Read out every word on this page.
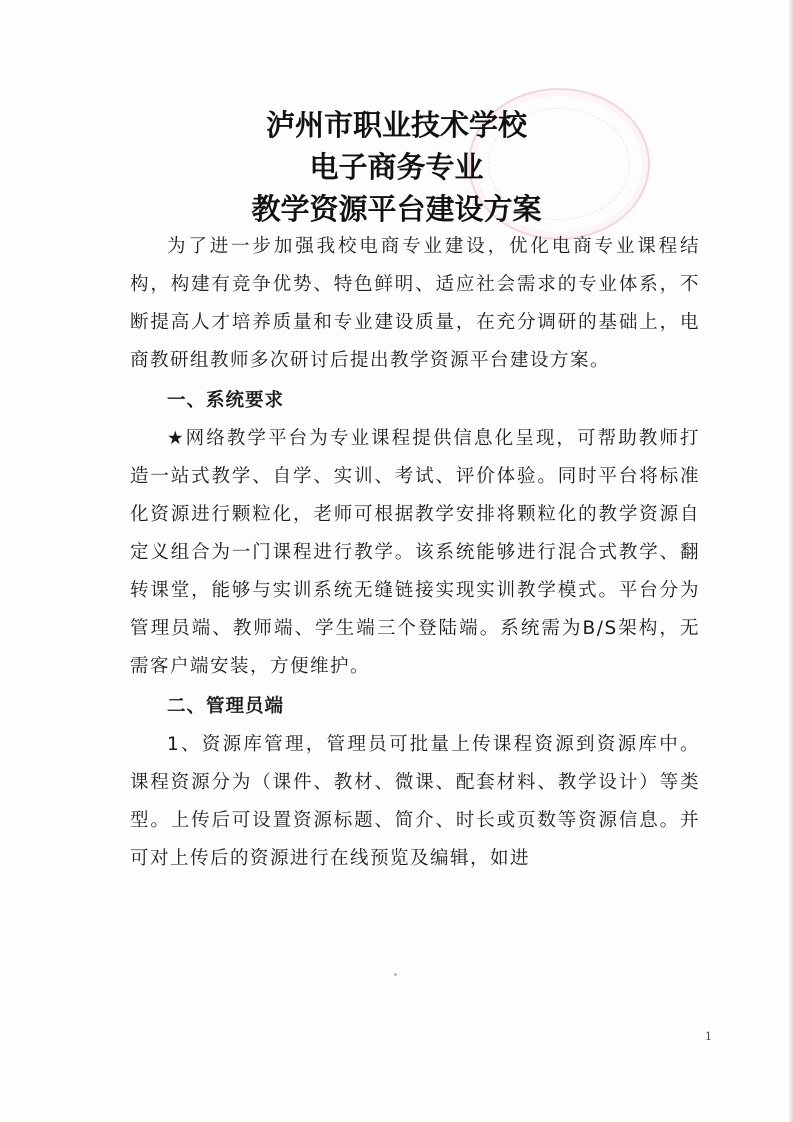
泸州市职业技术学校
电子商务专业
教学资源平台建设方案

为了进一步加强我校电商专业建设，优化电商专业课程结构，构建有竞争优势、特色鲜明、适应社会需求的专业体系，不断提高人才培养质量和专业建设质量，在充分调研的基础上，电商教研组教师多次研讨后提出教学资源平台建设方案。

一、系统要求

★网络教学平台为专业课程提供信息化呈现，可帮助教师打造一站式教学、自学、实训、考试、评价体验。同时平台将标准化资源进行颗粒化，老师可根据教学安排将颗粒化的教学资源自定义组合为一门课程进行教学。该系统能够进行混合式教学、翻转课堂，能够与实训系统无缝链接实现实训教学模式。平台分为管理员端、教师端、学生端三个登陆端。系统需为B/S架构，无需客户端安装，方便维护。

二、管理员端

1、资源库管理，管理员可批量上传课程资源到资源库中。课程资源分为（课件、教材、微课、配套材料、教学设计）等类型。上传后可设置资源标题、简介、时长或页数等资源信息。并可对上传后的资源进行在线预览及编辑，如进

1
